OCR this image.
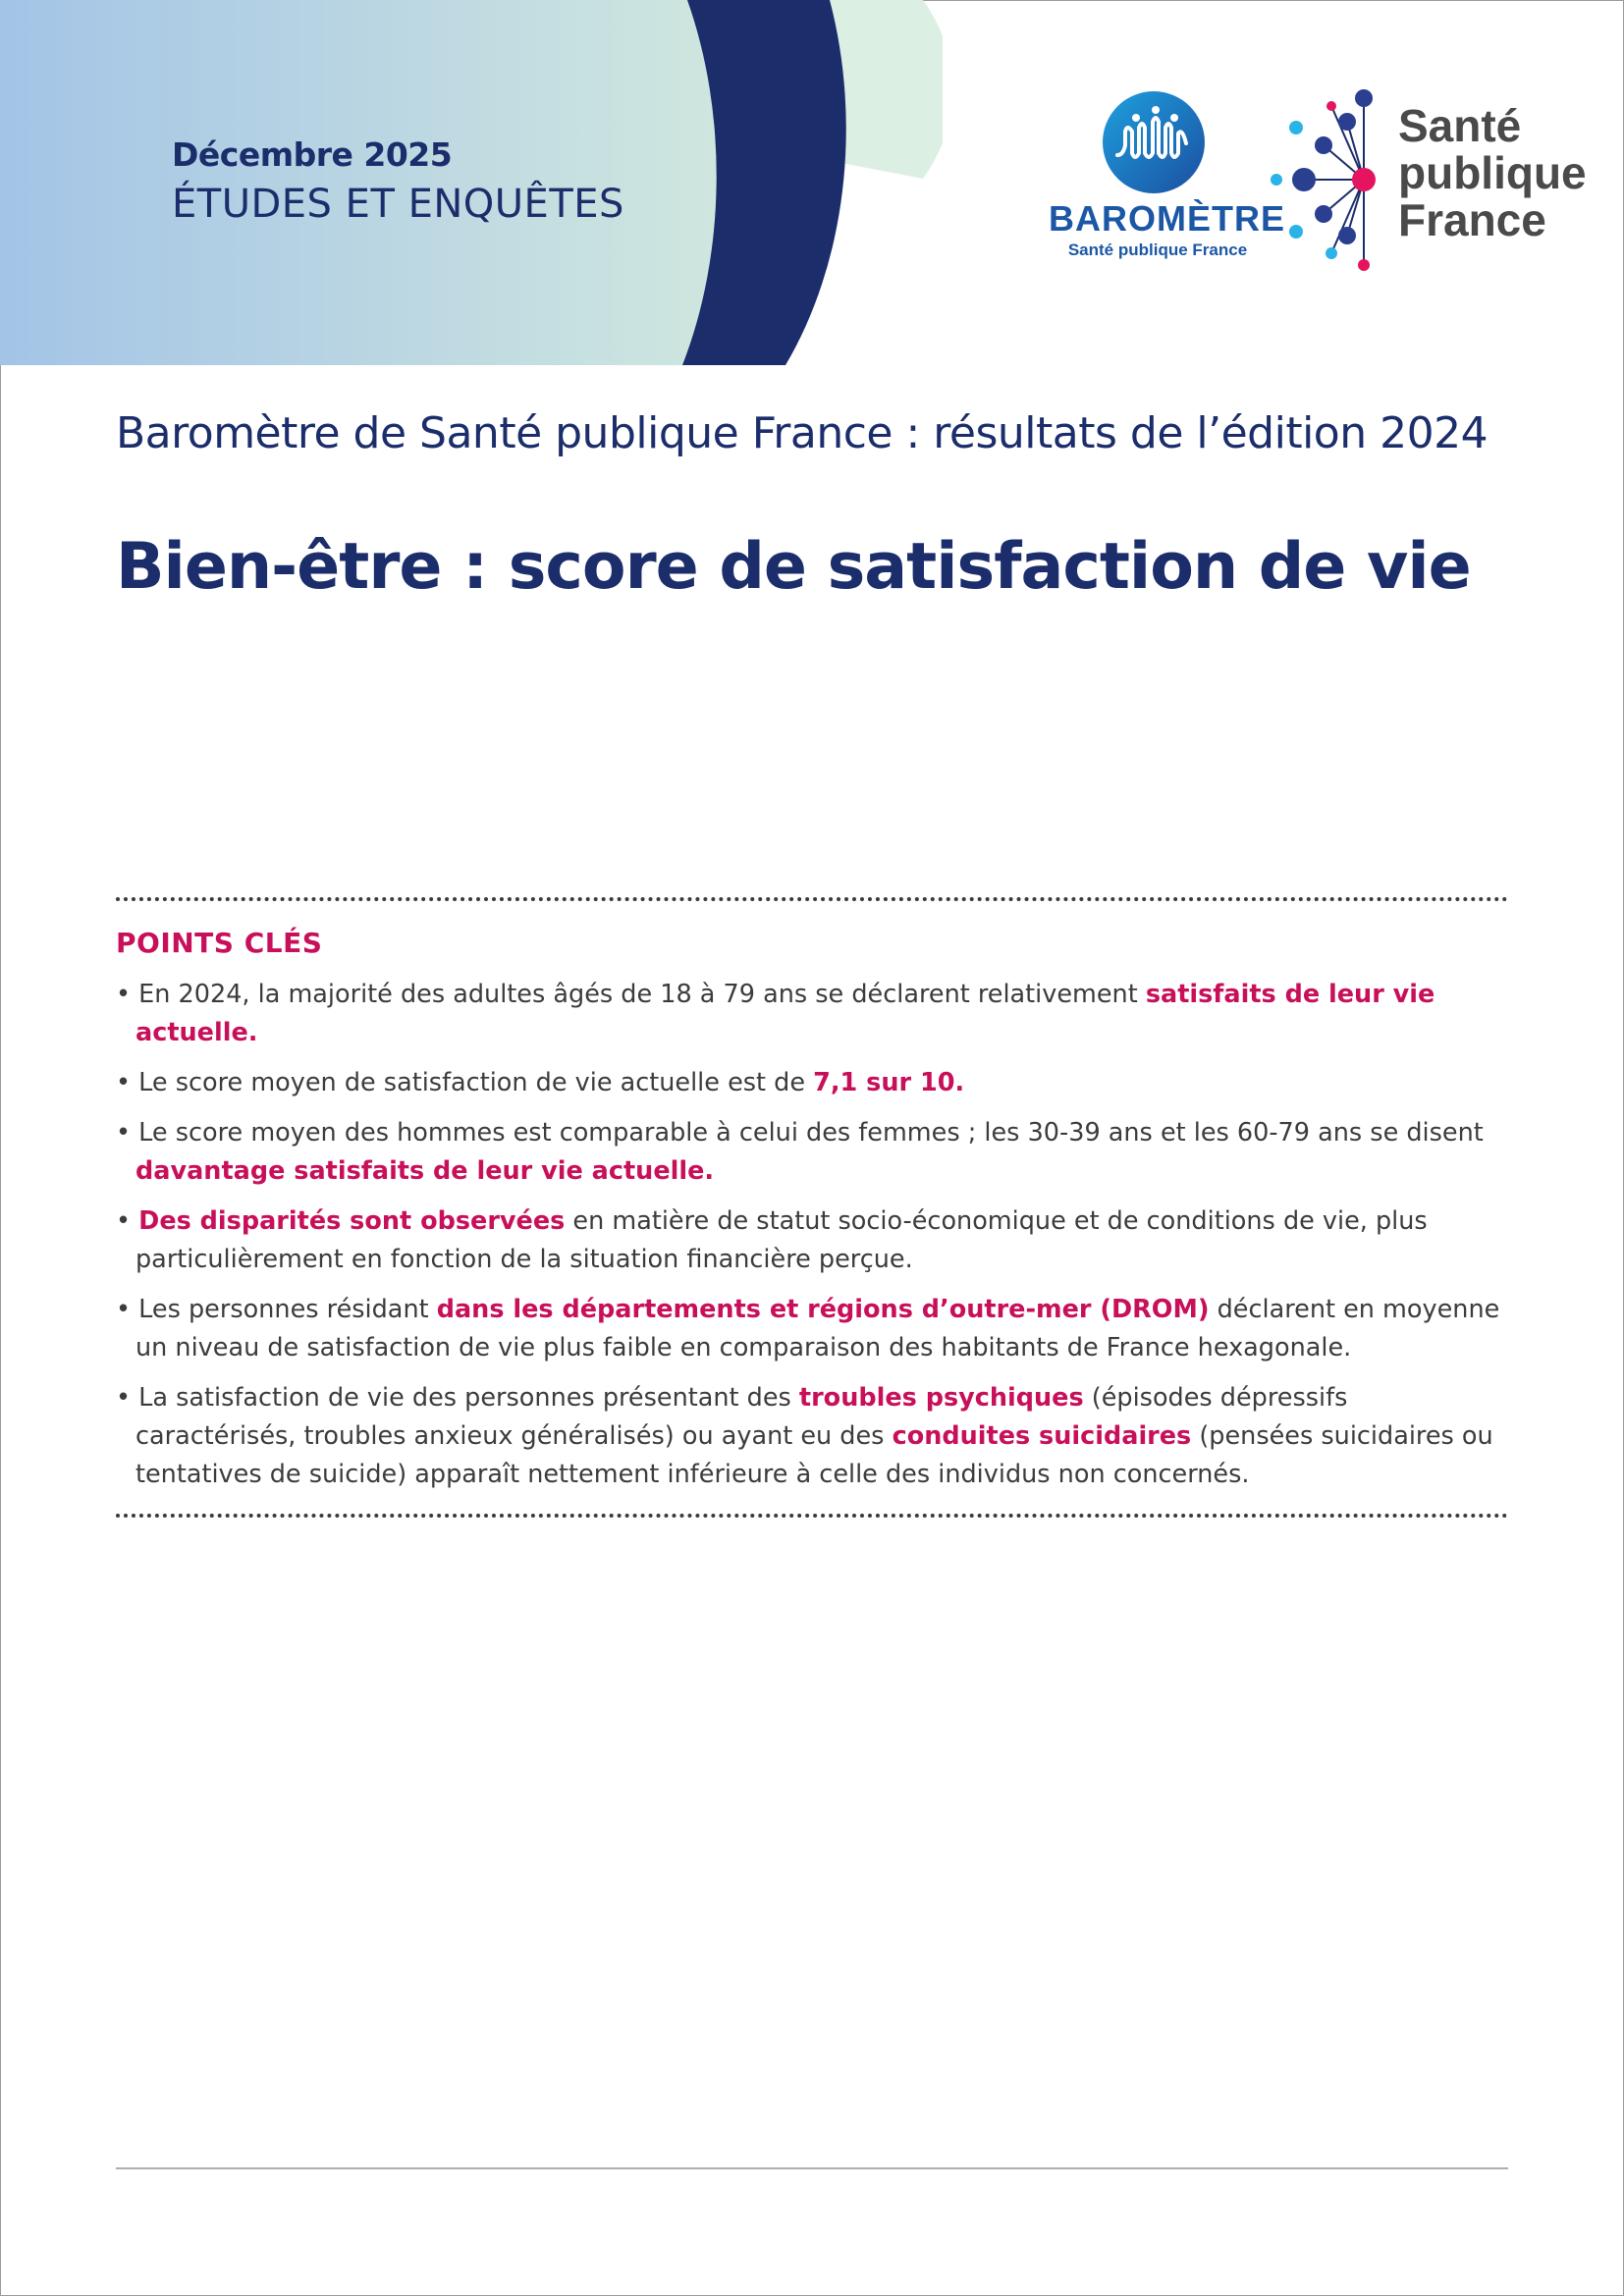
Décembre 2025
ÉTUDES ET ENQUÊTES	BAROMÈTRE
Santé publique France
Santé
publique
France
Baromètre de Santé publique France : résultats de l’édition 2024
Bien-être : score de satisfaction de vie
POINTS CLÉS
• En 2024, la majorité des adultes âgés de 18 à 79 ans se déclarent relativement satisfaits de leur vie actuelle.
• Le score moyen de satisfaction de vie actuelle est de 7,1 sur 10.
• Le score moyen des hommes est comparable à celui des femmes ; les 30-39 ans et les 60-79 ans se disent davantage satisfaits de leur vie actuelle.
• Des disparités sont observées en matière de statut socio-économique et de conditions de vie, plus particulièrement en fonction de la situation financière perçue.
• Les personnes résidant dans les départements et régions d’outre-mer (DROM) déclarent en moyenne un niveau de satisfaction de vie plus faible en comparaison des habitants de France hexagonale.
• La satisfaction de vie des personnes présentant des troubles psychiques (épisodes dépressifs caractérisés, troubles anxieux généralisés) ou ayant eu des conduites suicidaires (pensées suicidaires ou tentatives de suicide) apparaît nettement inférieure à celle des individus non concernés.
